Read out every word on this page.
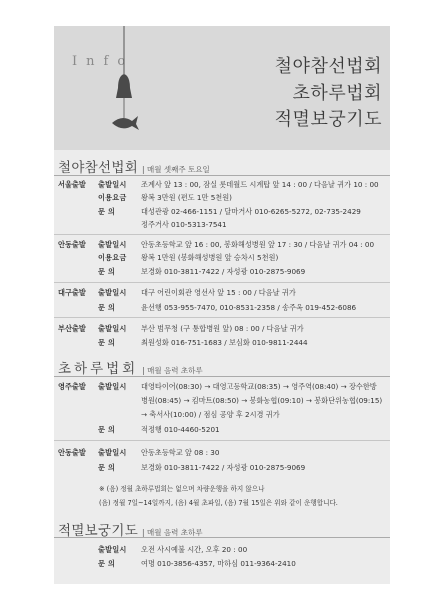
Info	철야참선법회
초하루법회
적멸보궁기도
철야참선법회 | 매월 셋째주 토요일
서울출발 출발일시 조계사 앞 13 : 00, 잠실 롯데월드 시계탑 앞 14 : 00 / 다음날 귀가 10 : 00
이용요금 왕복 3만원 (편도 1만 5천원)
문 의	대성관광 02-466-1151 / 달마거사 010-6265-5272, 02-735-2429
정주거사 010-5313-7541
안동출발 출발일시 안동초등학교 앞 16 : 00, 봉화해성병원 앞 17 : 30 / 다음날 귀가 04 : 00
이용요금 왕복 1만원 (봉화해성병원 앞 승차시 5천원)
문 의	보경화 010-3811-7422 / 자성광 010-2875-9069
대구출발 출발일시 대구 어린이회관 영선사 앞 15 : 00 / 다음날 귀가
문 의	윤선행 053-955-7470, 010-8531-2358 / 송주옥 019-452-6086
부산출발 출발일시 부산 범무청 (구 통합병원 앞) 08 : 00 / 다음날 귀가
문 의	최원성화 016-751-1683 / 보심화 010-9811-2444
초하루법회 | 매월 음력 초하루
영주출발 출발일시 대영타이어(08:30) → 대영고등학교(08:35) → 영주역(08:40) → 장수한방
병원(08:45) → 킴마트(08:50) → 봉화농협(09:10) → 봉화단위농협(09:15)
→ 축서사(10:00) / 점심 공양 후 2시경 귀가
문 의	적정행 010-4460-5201
안동출발 출발일시 안동초등학교 앞 08 : 30
문 의	보경화 010-3811-7422 / 자성광 010-2875-9069
※ (음) 정월 초하루법회는 없으며 차량운행을 하지 않으나
(음) 정월 7일~14일까지, (음) 4월 초파일, (음) 7월 15일은 위와 같이 운행합니다.
적멸보궁기도 | 매월 음력 초하루
출발일시 오전 사시예불 시간, 오후 20 : 00
문 의	여명 010-3856-4357, 마하심 011-9364-2410
